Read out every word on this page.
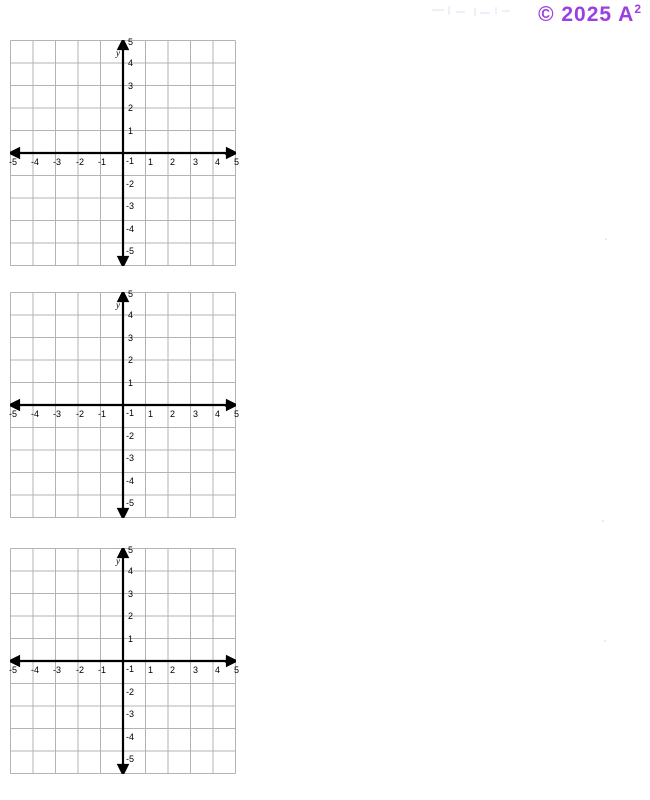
© 2025 $A^2$
-5 -4 -3 -2 -1	1 2 3 4 5
5
4
3
2
1
-1
-2
-3
-4
-5
x
y
-5 -4 -3 -2 -1	1 2 3 4 5
5
4
3
2
1
-1
-2
-3
-4
-5
x
y
-5 -4 -3 -2 -1	1 2 3 4 5
5
4
3
2
1
-1
-2
-3
-4
-5
x
y
